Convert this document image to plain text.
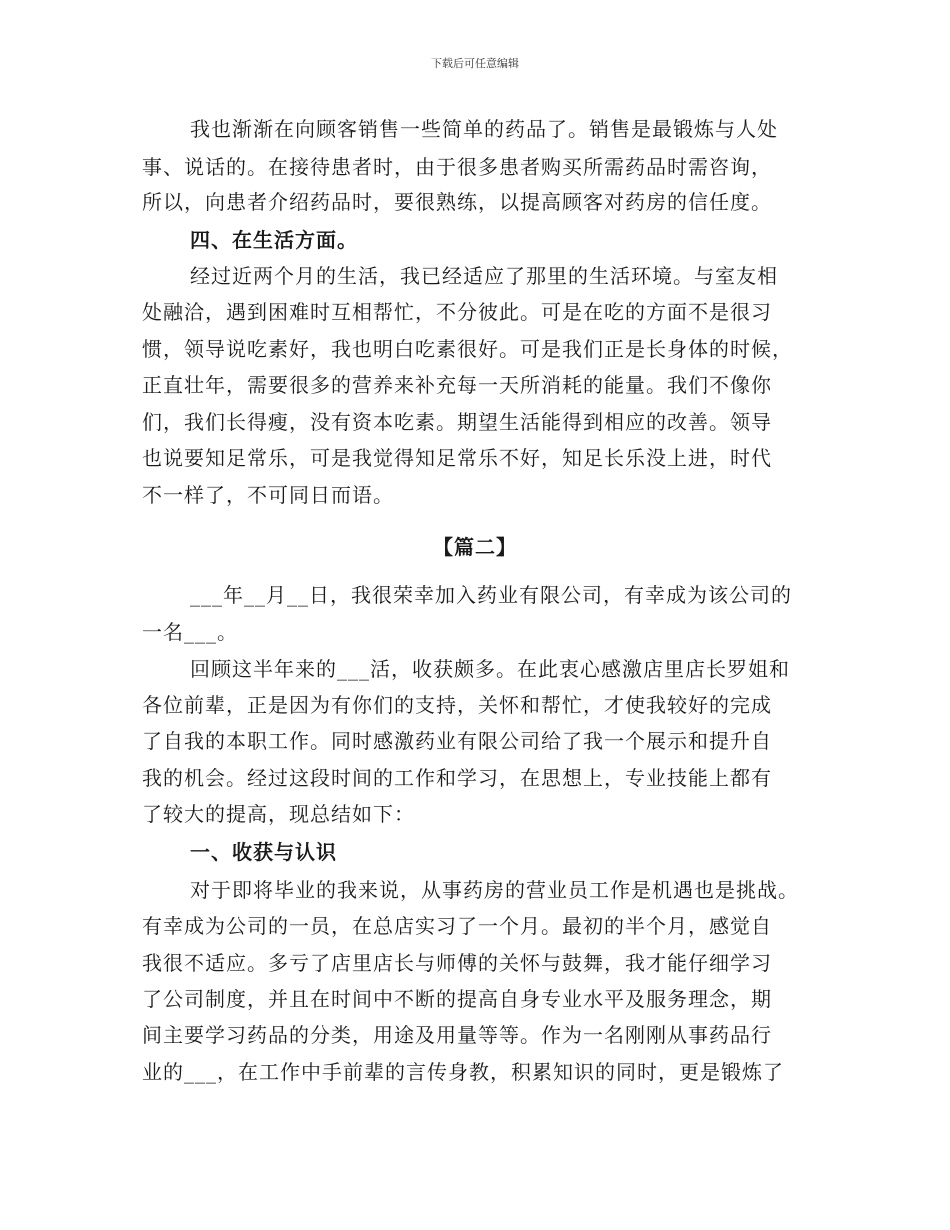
下载后可任意编辑
我也渐渐在向顾客销售一些简单的药品了。销售是最锻炼与人处
事、说话的。在接待患者时，由于很多患者购买所需药品时需咨询，
所以，向患者介绍药品时，要很熟练，以提高顾客对药房的信任度。
四、在生活方面。
经过近两个月的生活，我已经适应了那里的生活环境。与室友相
处融洽，遇到困难时互相帮忙，不分彼此。可是在吃的方面不是很习
惯，领导说吃素好，我也明白吃素很好。可是我们正是长身体的时候，
正直壮年，需要很多的营养来补充每一天所消耗的能量。我们不像你
们，我们长得瘦，没有资本吃素。期望生活能得到相应的改善。领导
也说要知足常乐，可是我觉得知足常乐不好，知足长乐没上进，时代
不一样了，不可同日而语。
【篇二】
___年__月__日，我很荣幸加入药业有限公司，有幸成为该公司的
一名___。
回顾这半年来的___活，收获颇多。在此衷心感激店里店长罗姐和
各位前辈，正是因为有你们的支持，关怀和帮忙，才使我较好的完成
了自我的本职工作。同时感激药业有限公司给了我一个展示和提升自
我的机会。经过这段时间的工作和学习，在思想上，专业技能上都有
了较大的提高，现总结如下：
一、收获与认识
对于即将毕业的我来说，从事药房的营业员工作是机遇也是挑战。
有幸成为公司的一员，在总店实习了一个月。最初的半个月，感觉自
我很不适应。多亏了店里店长与师傅的关怀与鼓舞，我才能仔细学习
了公司制度，并且在时间中不断的提高自身专业水平及服务理念，期
间主要学习药品的分类，用途及用量等等。作为一名刚刚从事药品行
业的___，在工作中手前辈的言传身教，积累知识的同时，更是锻炼了
